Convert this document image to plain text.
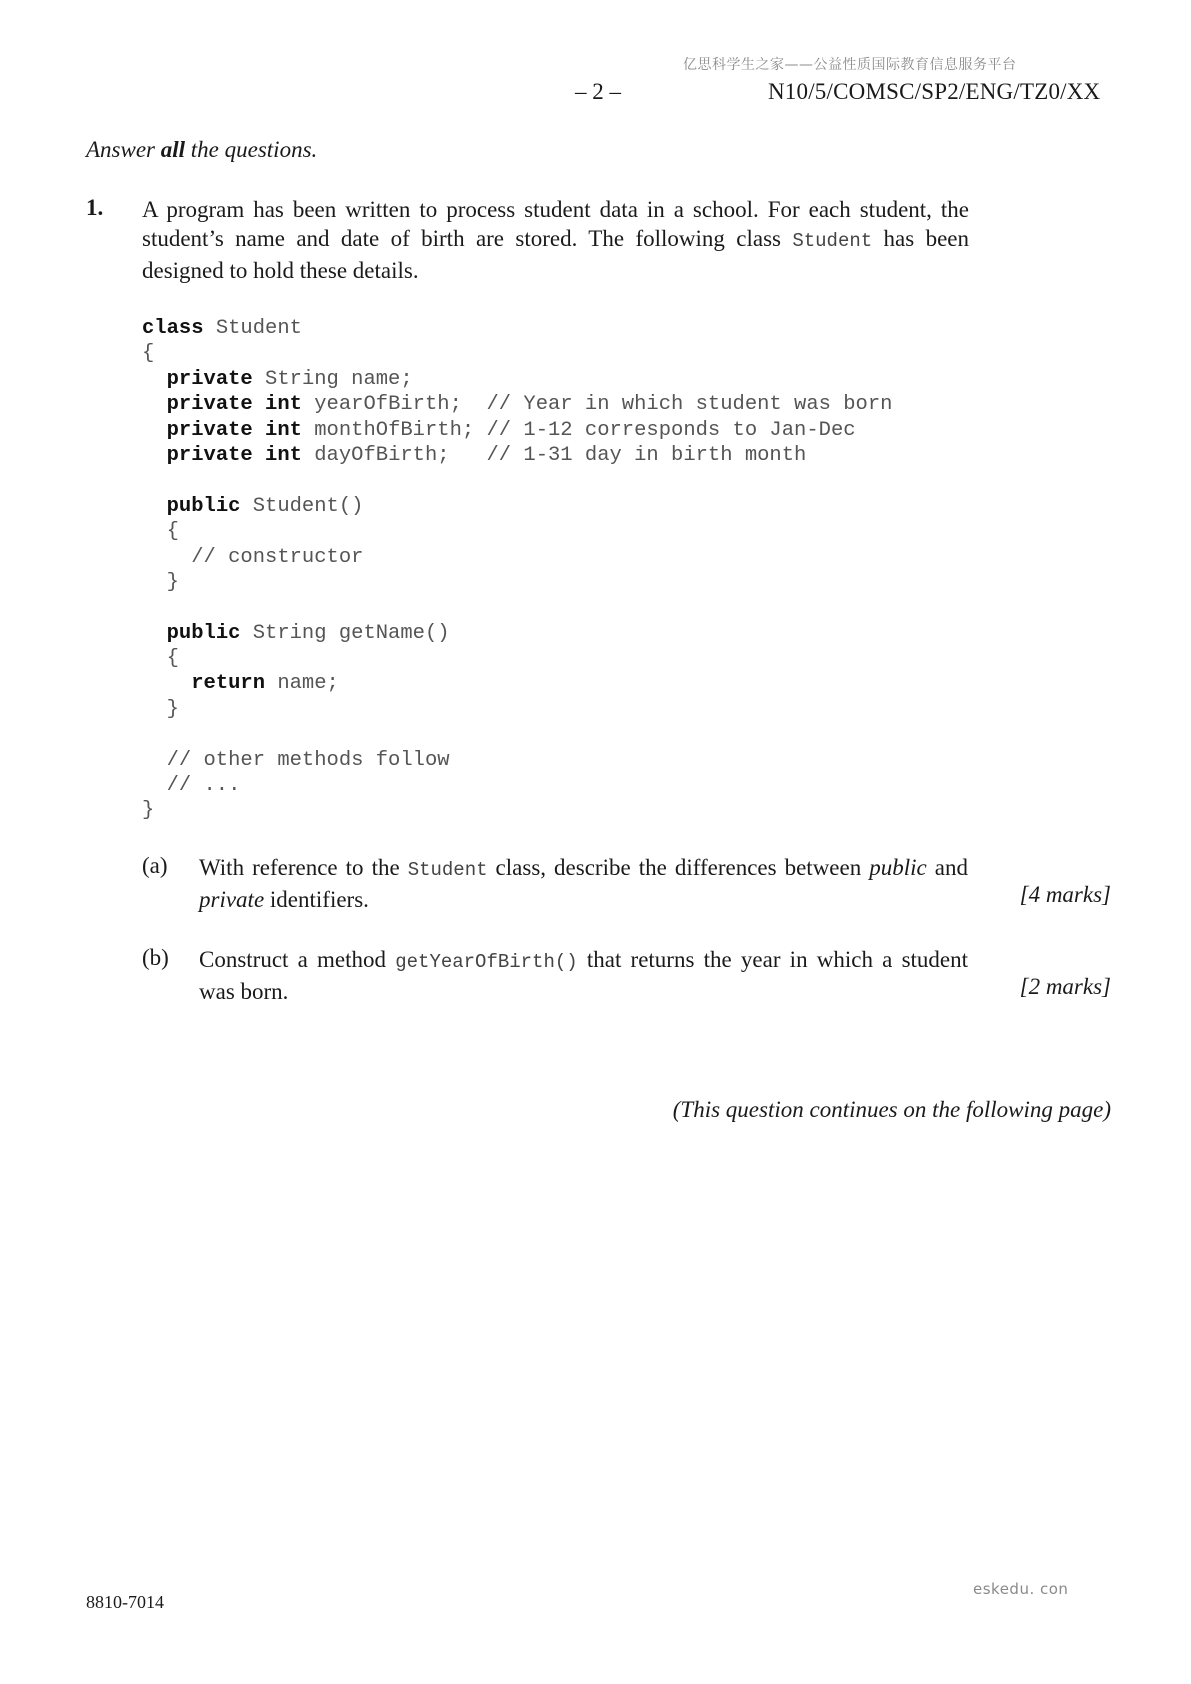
亿思科学生之家——公益性质国际教育信息服务平台
– 2 –	N10/5/COMSC/SP2/ENG/TZ0/XX
Answer all the questions.
1. A program has been written to process student data in a school. For each student, the student’s name and date of birth are stored. The following class Student has been designed to hold these details.
class Student
{
private String name;
private int yearOfBirth;  // Year in which student was born
private int monthOfBirth; // 1-12 corresponds to Jan-Dec
private int dayOfBirth;   // 1-31 day in birth month
public Student()
{
// constructor
}
public String getName()
{
return name;
}
// other methods follow
// ...
}
(a) With reference to the Student class, describe the differences between public and private identifiers.	[4 marks]
(b) Construct a method getYearOfBirth() that returns the year in which a student was born.	[2 marks]
(This question continues on the following page)
8810-7014
eskedu. con
